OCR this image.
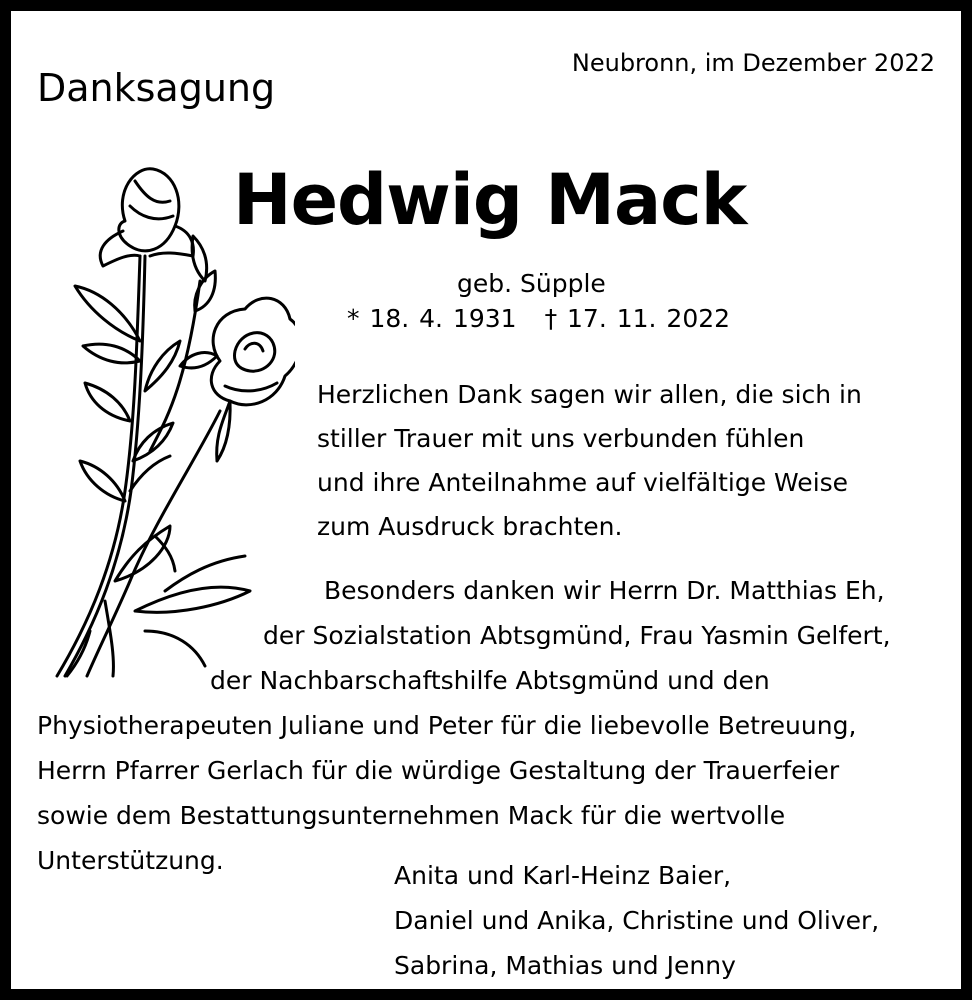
Neubronn, im Dezember 2022
Danksagung
Hedwig Mack
geb. Süpple
* 18. 4. 1931 † 17. 11. 2022
Herzlichen Dank sagen wir allen, die sich in
stiller Trauer mit uns verbunden fühlen
und ihre Anteilnahme auf vielfältige Weise
zum Ausdruck brachten.
Besonders danken wir Herrn Dr. Matthias Eh,
der Sozialstation Abtsgmünd, Frau Yasmin Gelfert,
der Nachbarschaftshilfe Abtsgmünd und den
Physiotherapeuten Juliane und Peter für die liebevolle Betreuung,
Herrn Pfarrer Gerlach für die würdige Gestaltung der Trauerfeier
sowie dem Bestattungsunternehmen Mack für die wertvolle
Unterstützung.
Anita und Karl-Heinz Baier,
Daniel und Anika, Christine und Oliver,
Sabrina, Mathias und Jenny
